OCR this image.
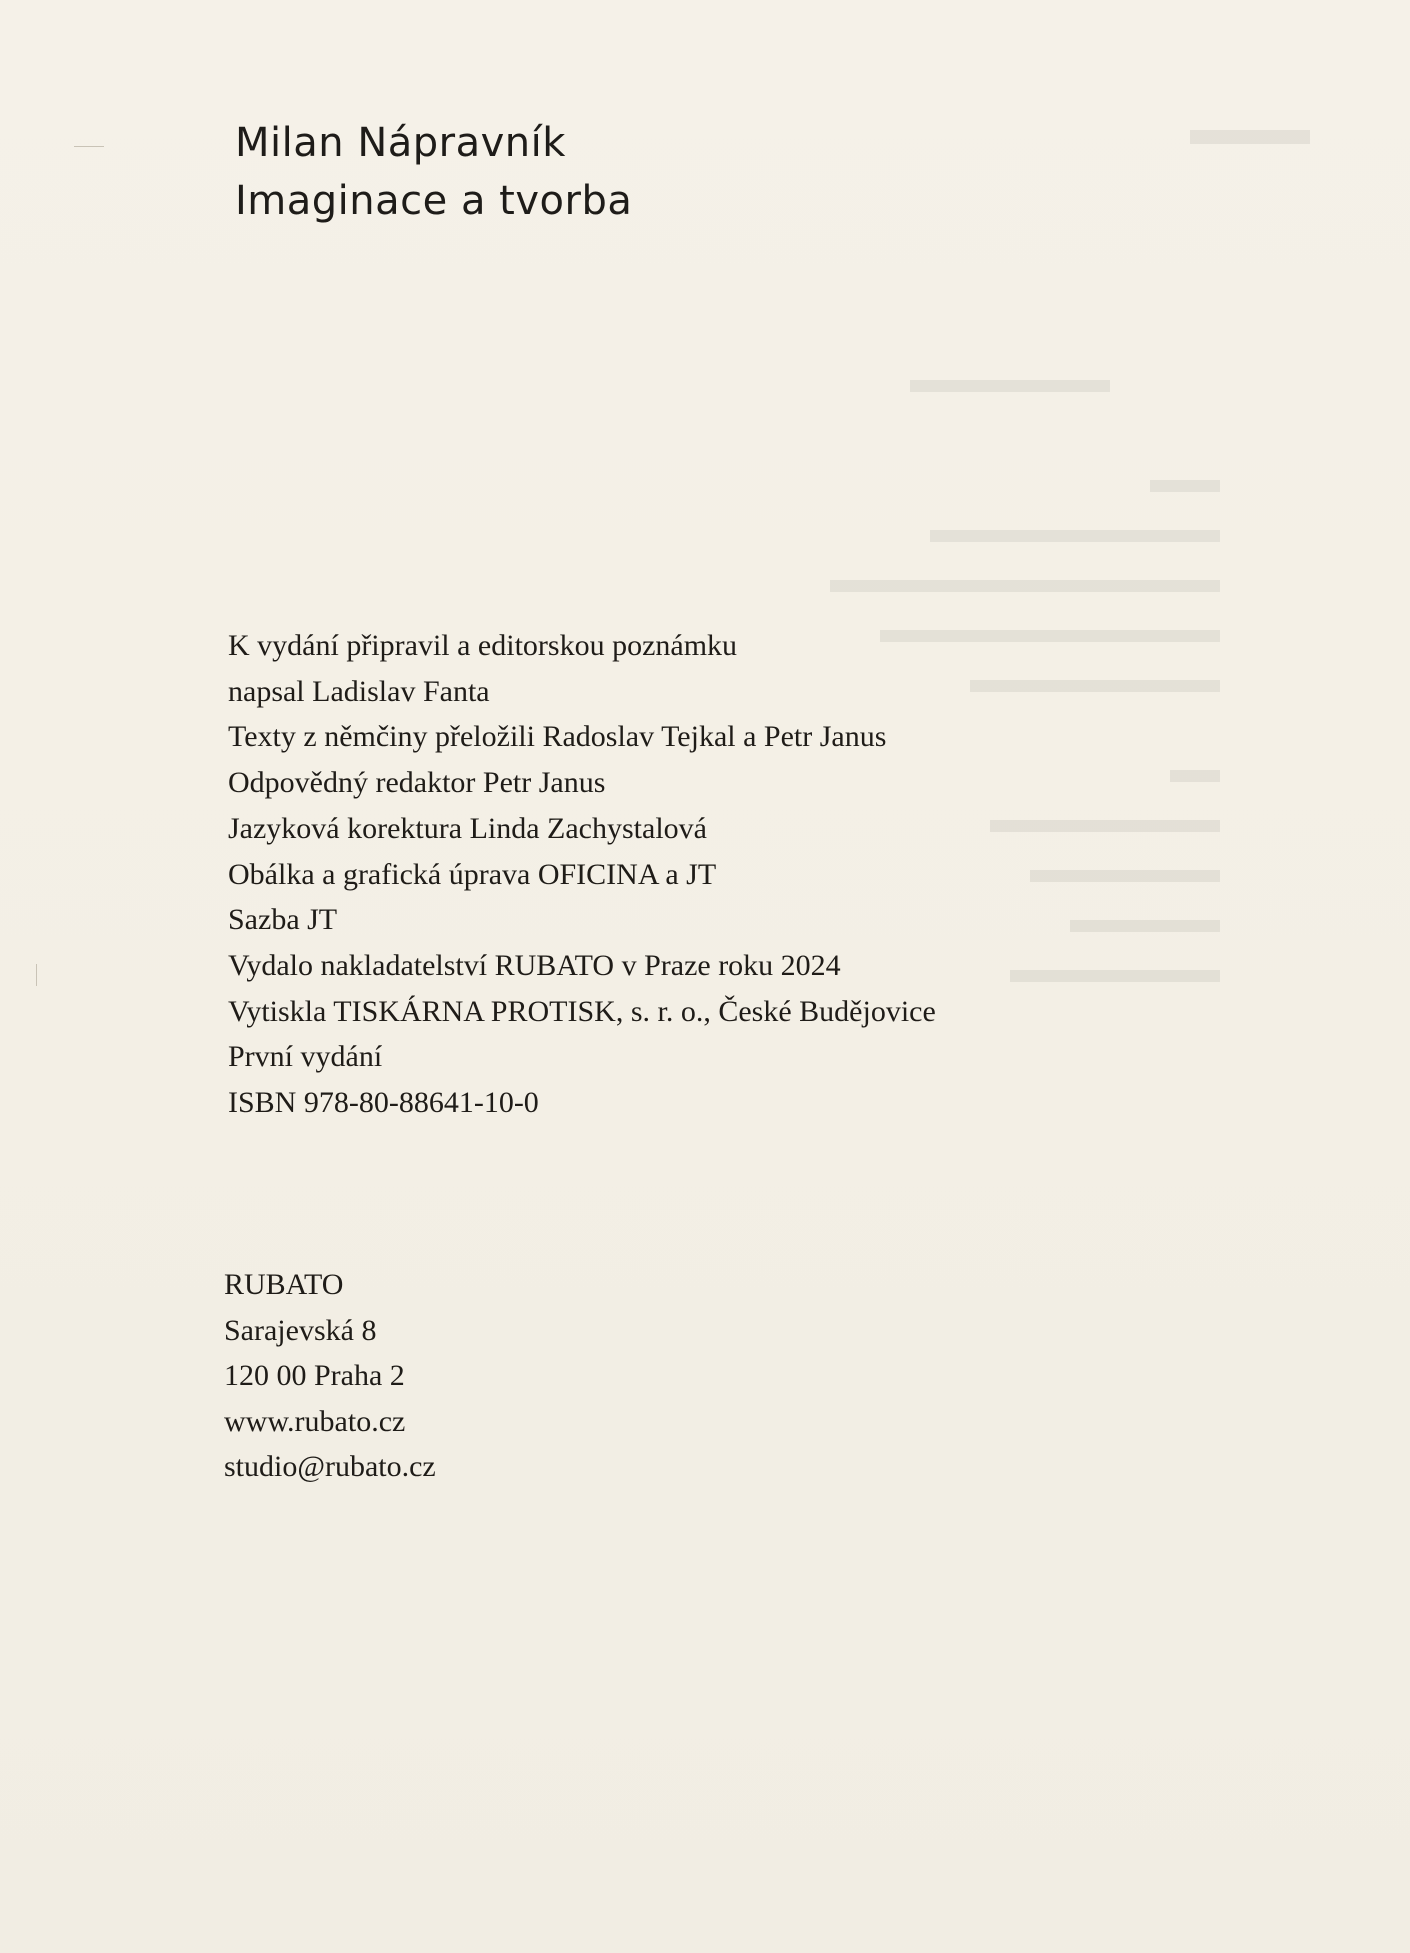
Milan Nápravník
Imaginace a tvorba
K vydání připravil a editorskou poznámku
napsal Ladislav Fanta
Texty z němčiny přeložili Radoslav Tejkal a Petr Janus
Odpovědný redaktor Petr Janus
Jazyková korektura Linda Zachystalová
Obálka a grafická úprava OFICINA a JT
Sazba JT
Vydalo nakladatelství RUBATO v Praze roku 2024
Vytiskla TISKÁRNA PROTISK, s. r. o., České Budějovice
První vydání
ISBN 978-80-88641-10-0
RUBATO
Sarajevská 8
120 00 Praha 2
www.rubato.cz
studio@rubato.cz
